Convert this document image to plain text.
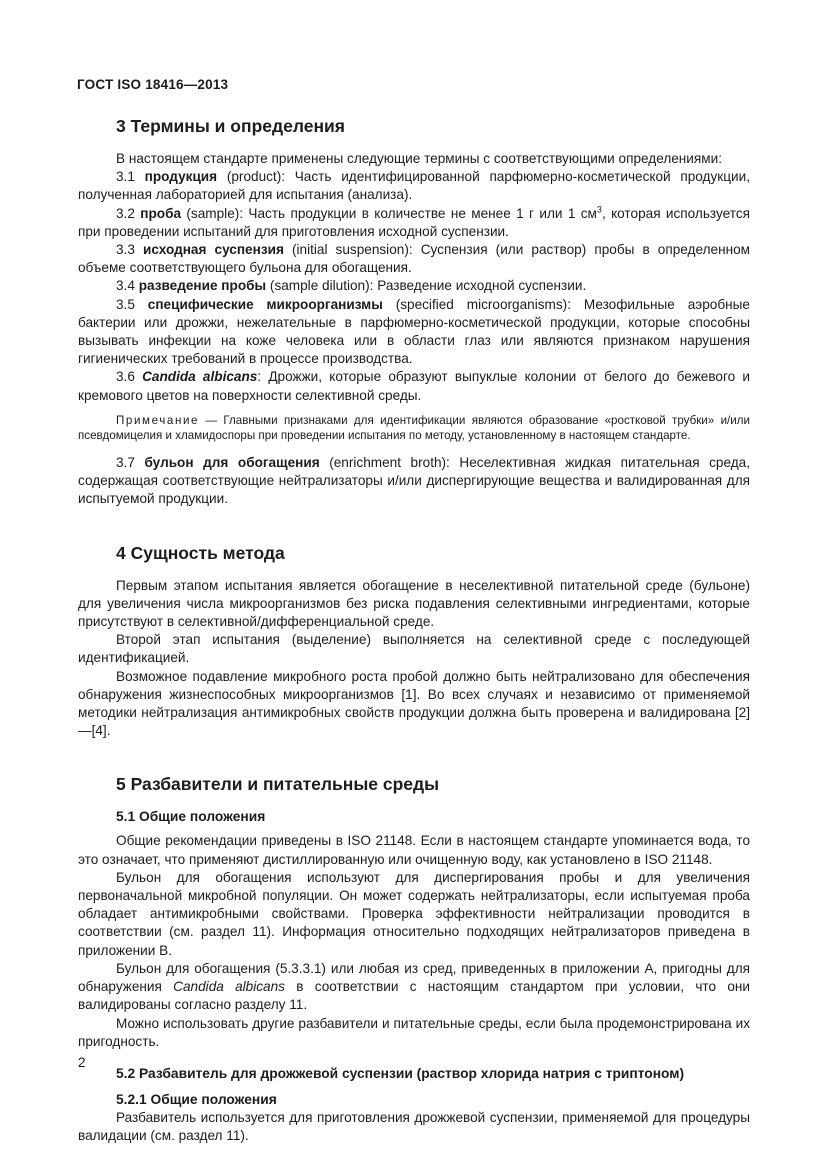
ГОСТ ISO 18416—2013
3 Термины и определения

В настоящем стандарте применены следующие термины с соответствующими определениями:

3.1 продукция (product): Часть идентифицированной парфюмерно-косметической продукции, полученная лабораторией для испытания (анализа).

3.2 проба (sample): Часть продукции в количестве не менее 1 г или 1 $см^3$, которая используется при проведении испытаний для приготовления исходной суспензии.

3.3 исходная суспензия (initial suspension): Суспензия (или раствор) пробы в определенном объеме соответствующего бульона для обогащения.

3.4 разведение пробы (sample dilution): Разведение исходной суспензии.

3.5 специфические микроорганизмы (specified microorganisms): Мезофильные аэробные бактерии или дрожжи, нежелательные в парфюмерно-косметической продукции, которые способны вызывать инфекции на коже человека или в области глаз или являются признаком нарушения гигиенических требований в процессе производства.

3.6 Candida albicans: Дрожжи, которые образуют выпуклые колонии от белого до бежевого и кремового цветов на поверхности селективной среды.

Примечание — Главными признаками для идентификации являются образование «ростковой трубки» и/или псевдомицелия и хламидоспоры при проведении испытания по методу, установленному в настоящем стандарте.

3.7 бульон для обогащения (enrichment broth): Неселективная жидкая питательная среда, содержащая соответствующие нейтрализаторы и/или диспергирующие вещества и валидированная для испытуемой продукции.

4 Сущность метода

Первым этапом испытания является обогащение в неселективной питательной среде (бульоне) для увеличения числа микроорганизмов без риска подавления селективными ингредиентами, которые присутствуют в селективной/дифференциальной среде.

Второй этап испытания (выделение) выполняется на селективной среде с последующей идентификацией.

Возможное подавление микробного роста пробой должно быть нейтрализовано для обеспечения обнаружения жизнеспособных микроорганизмов [1]. Во всех случаях и независимо от применяемой методики нейтрализация антимикробных свойств продукции должна быть проверена и валидирована [2]—[4].

5 Разбавители и питательные среды
5.1 Общие положения

Общие рекомендации приведены в ISO 21148. Если в настоящем стандарте упоминается вода, то это означает, что применяют дистиллированную или очищенную воду, как установлено в ISO 21148.

Бульон для обогащения используют для диспергирования пробы и для увеличения первоначальной микробной популяции. Он может содержать нейтрализаторы, если испытуемая проба обладает антимикробными свойствами. Проверка эффективности нейтрализации проводится в соответствии (см. раздел 11). Информация относительно подходящих нейтрализаторов приведена в приложении В.

Бульон для обогащения (5.3.3.1) или любая из сред, приведенных в приложении А, пригодны для обнаружения Candida albicans в соответствии с настоящим стандартом при условии, что они валидированы согласно разделу 11.

Можно использовать другие разбавители и питательные среды, если была продемонстрирована их пригодность.

5.2 Разбавитель для дрожжевой суспензии (раствор хлорида натрия с триптоном)
5.2.1 Общие положения

Разбавитель используется для приготовления дрожжевой суспензии, применяемой для процедуры валидации (см. раздел 11).

2
